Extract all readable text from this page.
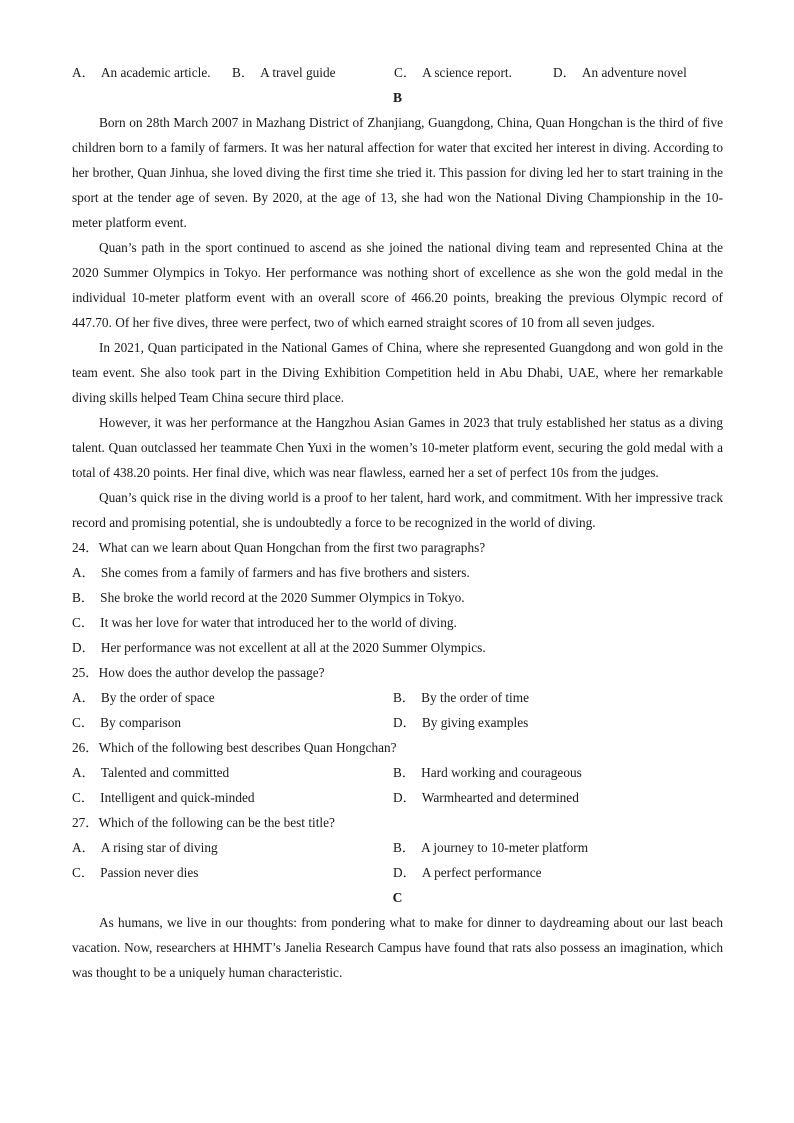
A． An academic article. B． A travel guide	C． A science report.	D． An adventure novel
B

Born on 28th March 2007 in Mazhang District of Zhanjiang, Guangdong, China, Quan Hongchan is the third of five children born to a family of farmers. It was her natural affection for water that excited her interest in diving. According to her brother, Quan Jinhua, she loved diving the first time she tried it. This passion for diving led her to start training in the sport at the tender age of seven. By 2020, at the age of 13, she had won the National Diving Championship in the 10-meter platform event.

Quan’s path in the sport continued to ascend as she joined the national diving team and represented China at the 2020 Summer Olympics in Tokyo. Her performance was nothing short of excellence as she won the gold medal in the individual 10-meter platform event with an overall score of 466.20 points, breaking the previous Olympic record of 447.70. Of her five dives, three were perfect, two of which earned straight scores of 10 from all seven judges.

In 2021, Quan participated in the National Games of China, where she represented Guangdong and won gold in the team event. She also took part in the Diving Exhibition Competition held in Abu Dhabi, UAE, where her remarkable diving skills helped Team China secure third place.

However, it was her performance at the Hangzhou Asian Games in 2023 that truly established her status as a diving talent. Quan outclassed her teammate Chen Yuxi in the women’s 10-meter platform event, securing the gold medal with a total of 438.20 points. Her final dive, which was near flawless, earned her a set of perfect 10s from the judges.

Quan’s quick rise in the diving world is a proof to her talent, hard work, and commitment. With her impressive track record and promising potential, she is undoubtedly a force to be recognized in the world of diving.

24．What can we learn about Quan Hongchan from the first two paragraphs?
A． She comes from a family of farmers and has five brothers and sisters.
B． She broke the world record at the 2020 Summer Olympics in Tokyo.
C． It was her love for water that introduced her to the world of diving.
D． Her performance was not excellent at all at the 2020 Summer Olympics.
25．How does the author develop the passage?
A． By the order of space	B． By the order of time
C． By comparison	D． By giving examples
26．Which of the following best describes Quan Hongchan?
A． Talented and committed	B． Hard working and courageous
C． Intelligent and quick-minded	D． Warmhearted and determined
27．Which of the following can be the best title?
A． A rising star of diving	B． A journey to 10-meter platform
C． Passion never dies	D． A perfect performance
C

As humans, we live in our thoughts: from pondering what to make for dinner to daydreaming about our last beach vacation. Now, researchers at HHMT’s Janelia Research Campus have found that rats also possess an imagination, which was thought to be a uniquely human characteristic.
